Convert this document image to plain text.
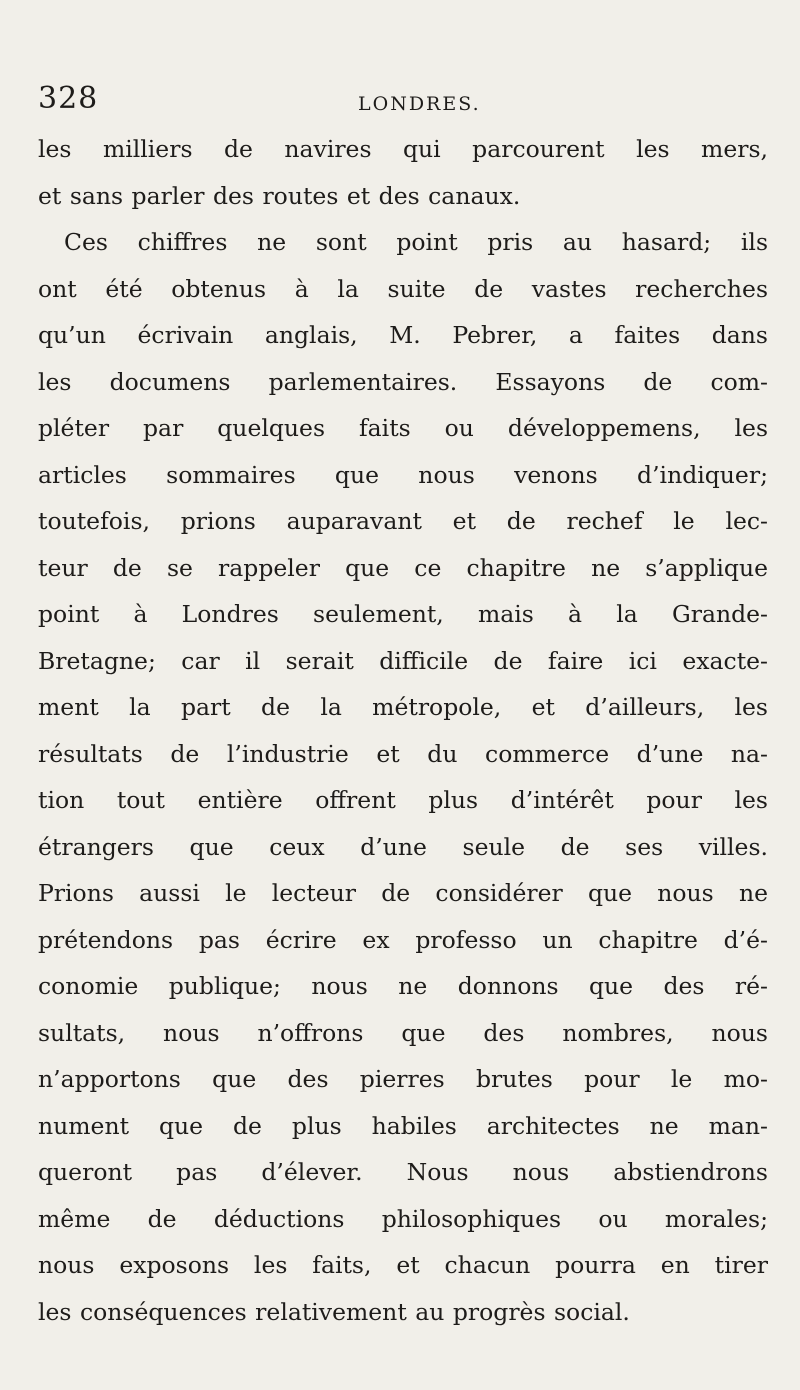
328	LONDRES.
les milliers de navires qui parcourent les mers,
et sans parler des routes et des canaux.
Ces chiffres ne sont point pris au hasard; ils
ont été obtenus à la suite de vastes recherches
qu’un écrivain anglais, M. Pebrer, a faites dans
les documens parlementaires. Essayons de com-
pléter par quelques faits ou développemens, les
articles sommaires que nous venons d’indiquer;
toutefois, prions auparavant et de rechef le lec-
teur de se rappeler que ce chapitre ne s’applique
point à Londres seulement, mais à la Grande-
Bretagne; car il serait difficile de faire ici exacte-
ment la part de la métropole, et d’ailleurs, les
résultats de l’industrie et du commerce d’une na-
tion tout entière offrent plus d’intérêt pour les
étrangers que ceux d’une seule de ses villes.
Prions aussi le lecteur de considérer que nous ne
prétendons pas écrire ex professo un chapitre d’é-
conomie publique; nous ne donnons que des ré-
sultats, nous n’offrons que des nombres, nous
n’apportons que des pierres brutes pour le mo-
nument que de plus habiles architectes ne man-
queront pas d’élever. Nous nous abstiendrons
même de déductions philosophiques ou morales;
nous exposons les faits, et chacun pourra en tirer
les conséquences relativement au progrès social.
